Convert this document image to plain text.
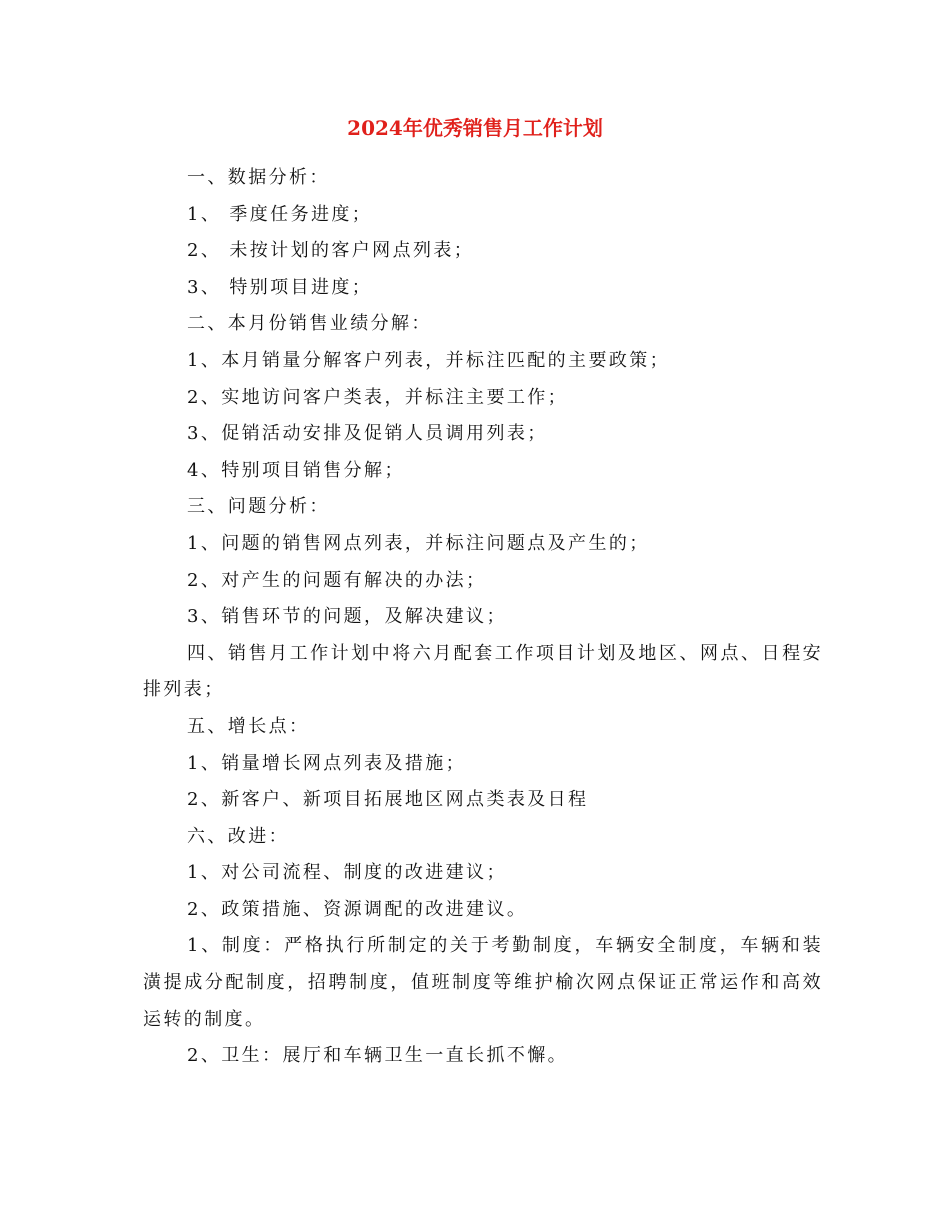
2024年优秀销售月工作计划
一、数据分析：
1、 季度任务进度；
2、 未按计划的客户网点列表；
3、 特别项目进度；
二、本月份销售业绩分解：
1、本月销量分解客户列表，并标注匹配的主要政策；
2、实地访问客户类表，并标注主要工作；
3、促销活动安排及促销人员调用列表；
4、特别项目销售分解；
三、问题分析：
1、问题的销售网点列表，并标注问题点及产生的；
2、对产生的问题有解决的办法；
3、销售环节的问题，及解决建议；

四、销售月工作计划中将六月配套工作项目计划及地区、网点、日程安排列表；

五、增长点：
1、销量增长网点列表及措施；
2、新客户、新项目拓展地区网点类表及日程
六、改进：
1、对公司流程、制度的改进建议；
2、政策措施、资源调配的改进建议。

1、制度：严格执行所制定的关于考勤制度，车辆安全制度，车辆和装潢提成分配制度，招聘制度，值班制度等维护榆次网点保证正常运作和高效运转的制度。

2、卫生：展厅和车辆卫生一直长抓不懈。
